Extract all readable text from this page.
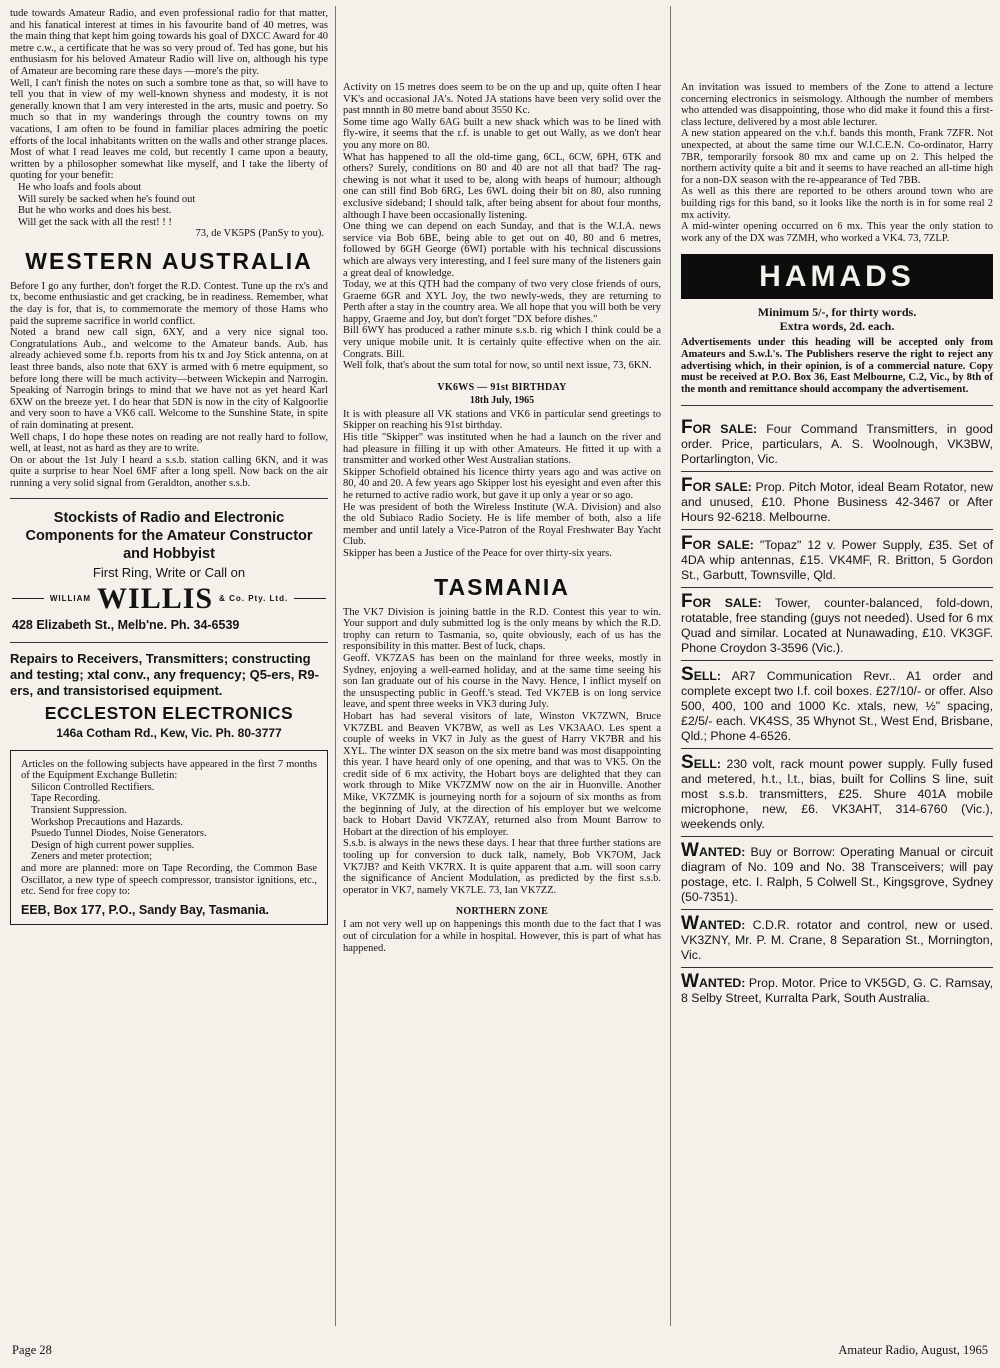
tude towards Amateur Radio, and even professional radio for that matter, and his fanatical interest at times in his favourite band of 40 metres, was the main thing that kept him going towards his goal of DXCC Award for 40 metre c.w., a certificate that he was so very proud of. Ted has gone, but his enthusiasm for his beloved Amateur Radio will live on, although his type of Amateur are becoming rare these days —more's the pity.
Well, I can't finish the notes on such a sombre tone as that, so will have to tell you that in view of my well-known shyness and modesty, it is not generally known that I am very interested in the arts, music and poetry. So much so that in my wanderings through the country towns on my vacations, I am often to be found in familiar places admiring the poetic efforts of the local inhabitants written on the walls and other strange places. Most of what I read leaves me cold, but recently I came upon a beauty, written by a philosopher somewhat like myself, and I take the liberty of quoting for your benefit:

He who loafs and fools about
Will surely be sacked when he's found out
But he who works and does his best.
Will get the sack with all the rest! ! !

73, de VK5PS (PanSy to you).

WESTERN AUSTRALIA

Before I go any further, don't forget the R.D. Contest. Tune up the rx's and tx, become enthusiastic and get cracking, be in readiness. Remember, what the day is for, that is, to commemorate the memory of those Hams who paid the supreme sacrifice in world conflict.
Noted a brand new call sign, 6XY, and a very nice signal too. Congratulations Aub., and welcome to the Amateur bands. Aub. has already achieved some f.b. reports from his tx and Joy Stick antenna, on at least three bands, also note that 6XY is armed with 6 metre equipment, so before long there will be much activity—between Wickepin and Narrogin. Speaking of Narrogin brings to mind that we have not as yet heard Karl 6XW on the breeze yet. I do hear that 5DN is now in the city of Kalgoorlie and very soon to have a VK6 call. Welcome to the Sunshine State, in spite of rain dominating at present.
Well chaps, I do hope these notes on reading are not really hard to follow, well, at least, not as hard as they are to write.
On or about the 1st July I heard a s.s.b. station calling 6KN, and it was quite a surprise to hear Noel 6MF after a long spell. Now back on the air running a very solid signal from Geraldton, another s.s.b.

Stockists of Radio and Electronic Components for the Amateur Constructor and Hobbyist

First Ring, Write or Call on

WILLIAM WILLIS & Co. Pty. Ltd.

428 Elizabeth St., Melb'ne. Ph. 34-6539

Repairs to Receivers, Transmitters; constructing and testing; xtal conv., any frequency; Q5-ers, R9-ers, and transistorised equipment.

ECCLESTON ELECTRONICS

146a Cotham Rd., Kew, Vic. Ph. 80-3777

Articles on the following subjects have appeared in the first 7 months of the Equipment Exchange Bulletin:

Silicon Controlled Rectifiers.
Tape Recording.
Transient Suppression.
Workshop Precautions and Hazards.
Psuedo Tunnel Diodes, Noise Generators.
Design of high current power supplies.
Zeners and meter protection;

and more are planned: more on Tape Recording, the Common Base Oscillator, a new type of speech compressor, transistor ignitions, etc., etc. Send for free copy to:

EEB, Box 177, P.O., Sandy Bay, Tasmania.

Activity on 15 metres does seem to be on the up and up, quite often I hear VK's and occasional JA's. Noted JA stations have been very solid over the past mnnth in 80 metre band about 3550 Kc.
Some time ago Wally 6AG built a new shack which was to be lined with fly-wire, it seems that the r.f. is unable to get out Wally, as we don't hear you any more on 80.
What has happened to all the old-time gang, 6CL, 6CW, 6PH, 6TK and others? Surely, conditions on 80 and 40 are not all that bad? The rag-chewing is not what it used to be, along with heaps of humour; although one can still find Bob 6RG, Les 6WL doing their bit on 80, also running exclusive sideband; I should talk, after being absent for about four months, although I have been occasionally listening.
One thing we can depend on each Sunday, and that is the W.I.A. news service via Bob 6BE, being able to get out on 40, 80 and 6 metres, followed by 6GH George (6WI) portable with his technical discussions which are always very interesting, and I feel sure many of the listeners gain a great deal of knowledge.
Today, we at this QTH had the company of two very close friends of ours, Graeme 6GR and XYL Joy, the two newly-weds, they are returning to Perth after a stay in the country area. We all hope that you will both be very happy, Graeme and Joy, but don't forget "DX before dishes."
Bill 6WY has produced a rather minute s.s.b. rig which I think could be a very unique mobile unit. It is certainly quite effective when on the air. Congrats. Bill.
Well folk, that's about the sum total for now, so until next issue, 73, 6KN.

VK6WS — 91st BIRTHDAY

18th July, 1965

It is with pleasure all VK stations and VK6 in particular send greetings to Skipper on reaching his 91st birthday.
His title "Skipper" was instituted when he had a launch on the river and had pleasure in filling it up with other Amateurs. He fitted it up with a transmitter and worked other West Australian stations.
Skipper Schofield obtained his licence thirty years ago and was active on 80, 40 and 20. A few years ago Skipper lost his eyesight and even after this he returned to active radio work, but gave it up only a year or so ago.
He was president of both the Wireless Institute (W.A. Division) and also the old Subiaco Radio Society. He is life member of both, also a life member and until lately a Vice-Patron of the Royal Freshwater Bay Yacht Club.
Skipper has been a Justice of the Peace for over thirty-six years.

TASMANIA

The VK7 Division is joining battle in the R.D. Contest this year to win. Your support and duly submitted log is the only means by which the R.D. trophy can return to Tasmania, so, quite obviously, each of us has the responsibility in this matter. Best of luck, chaps.
Geoff. VK7ZAS has been on the mainland for three weeks, mostly in Sydney, enjoying a well-earned holiday, and at the same time seeing his son Ian graduate out of his course in the Navy. Hence, I inflict myself on the unsuspecting public in Geoff.'s stead. Ted VK7EB is on long service leave, and spent three weeks in VK3 during July.
Hobart has had several visitors of late, Winston VK7ZWN, Bruce VK7ZBL and Beaven VK7BW, as well as Les VK3AAO. Les spent a couple of weeks in VK7 in July as the guest of Harry VK7BR and his XYL. The winter DX season on the six metre band was most disappointing this year. I have heard only of one opening, and that was to VK5. On the credit side of 6 mx activity, the Hobart boys are delighted that they can work through to Mike VK7ZMW now on the air in Huonville. Another Mike, VK7ZMK is journeying north for a sojourn of six months as from the beginning of July, at the direction of his employer but we welcome back to Hobart David VK7ZAY, returned also from Mount Barrow to Hobart at the direction of his employer.
S.s.b. is always in the news these days. I hear that three further stations are tooling up for conversion to duck talk, namely, Bob VK7OM, Jack VK7JB? and Keith VK7RX. It is quite apparent that a.m. will soon carry the significance of Ancient Modulation, as predicted by the first s.s.b. operator in VK7, namely VK7LE. 73, Ian VK7ZZ.

NORTHERN ZONE

I am not very well up on happenings this month due to the fact that I was out of circulation for a while in hospital. However, this is part of what has happened.

An invitation was issued to members of the Zone to attend a lecture concerning electronics in seismology. Although the number of members who attended was disappointing, those who did make it found this a first-class lecture, delivered by a most able lecturer.
A new station appeared on the v.h.f. bands this month, Frank 7ZFR. Not unexpected, at about the same time our W.I.C.E.N. Co-ordinator, Harry 7BR, temporarily forsook 80 mx and came up on 2. This helped the northern activity quite a bit and it seems to have reached an all-time high for a non-DX season with the re-appearance of Ted 7BB.
As well as this there are reported to be others around town who are building rigs for this band, so it looks like the north is in for some real 2 mx activity.
A mid-winter opening occurred on 6 mx. This year the only station to work any of the DX was 7ZMH, who worked a VK4. 73, 7ZLP.

HAMADS

Minimum 5/-, for thirty words.

Extra words, 2d. each.

Advertisements under this heading will be accepted only from Amateurs and S.w.l.'s. The Publishers reserve the right to reject any advertising which, in their opinion, is of a commercial nature. Copy must be received at P.O. Box 36, East Melbourne, C.2, Vic., by 8th of the month and remittance should accompany the advertisement.

FOR SALE: Four Command Transmitters, in good order. Price, particulars, A. S. Woolnough, VK3BW, Portarlington, Vic.

FOR SALE: Prop. Pitch Motor, ideal Beam Rotator, new and unused, £10. Phone Business 42-3467 or After Hours 92-6218. Melbourne.

FOR SALE: "Topaz" 12 v. Power Supply, £35. Set of 4DA whip antennas, £15. VK4MF, R. Britton, 5 Gordon St., Garbutt, Townsville, Qld.

FOR SALE: Tower, counter-balanced, fold-down, rotatable, free standing (guys not needed). Used for 6 mx Quad and similar. Located at Nunawading, £10. VK3GF. Phone Croydon 3-3596 (Vic.).

SELL: AR7 Communication Revr.. A1 order and complete except two I.f. coil boxes. £27/10/- or offer. Also 500, 400, 100 and 1000 Kc. xtals, new, ½" spacing, £2/5/- each. VK4SS, 35 Whynot St., West End, Brisbane, Qld.; Phone 4-6526.

SELL: 230 volt, rack mount power supply. Fully fused and metered, h.t., l.t., bias, built for Collins S line, suit most s.s.b. transmitters, £25. Shure 401A mobile microphone, new, £6. VK3AHT, 314-6760 (Vic.), weekends only.

WANTED: Buy or Borrow: Operating Manual or circuit diagram of No. 109 and No. 38 Transceivers; will pay postage, etc. I. Ralph, 5 Colwell St., Kingsgrove, Sydney (50-7351).

WANTED: C.D.R. rotator and control, new or used. VK3ZNY, Mr. P. M. Crane, 8 Separation St., Mornington, Vic.

WANTED: Prop. Motor. Price to VK5GD, G. C. Ramsay, 8 Selby Street, Kurralta Park, South Australia.

Page 28	Amateur Radio, August, 1965
